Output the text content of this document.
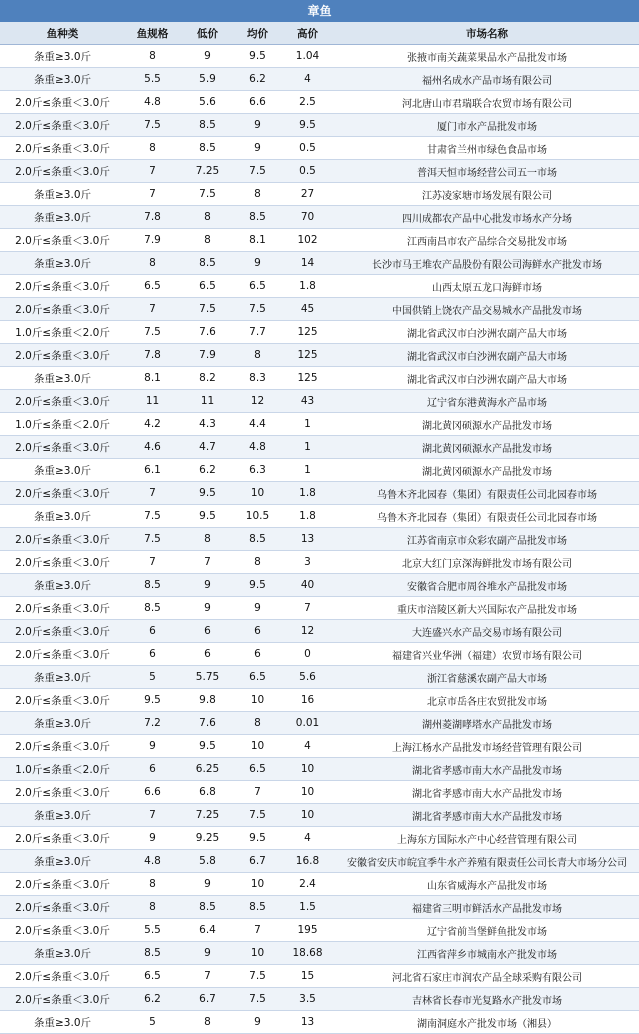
章鱼
鱼种类	鱼规格	低价	均价	高价	市场名称
条重≥3.0斤	8	9	9.5	1.04	张掖市南关蔬菜果品水产品批发市场
条重≥3.0斤	5.5	5.9	6.2	4	福州名成水产品市场有限公司
2.0斤≤条重＜3.0斤	4.8	5.6	6.6	2.5	河北唐山市君瑞联合农贸市场有限公司
2.0斤≤条重＜3.0斤	7.5	8.5	9	9.5	厦门市水产品批发市场
2.0斤≤条重＜3.0斤	8	8.5	9	0.5	甘肃省兰州市绿色食品市场
2.0斤≤条重＜3.0斤	7	7.25	7.5	0.5	普洱天恒市场经营公司五一市场
条重≥3.0斤	7	7.5	8	27	江苏凌家塘市场发展有限公司
条重≥3.0斤	7.8	8	8.5	70	四川成都农产品中心批发市场水产分场
2.0斤≤条重＜3.0斤	7.9	8	8.1	102	江西南昌市农产品综合交易批发市场
条重≥3.0斤	8	8.5	9	14	长沙市马王堆农产品股份有限公司海鲜水产批发市场
2.0斤≤条重＜3.0斤	6.5	6.5	6.5	1.8	山西太原五龙口海鲜市场
2.0斤≤条重＜3.0斤	7	7.5	7.5	45	中国供销上饶农产品交易城水产品批发市场
1.0斤≤条重＜2.0斤	7.5	7.6	7.7	125	湖北省武汉市白沙洲农副产品大市场
2.0斤≤条重＜3.0斤	7.8	7.9	8	125	湖北省武汉市白沙洲农副产品大市场
条重≥3.0斤	8.1	8.2	8.3	125	湖北省武汉市白沙洲农副产品大市场
2.0斤≤条重＜3.0斤	11	11	12	43	辽宁省东港黄海水产品市场
1.0斤≤条重＜2.0斤	4.2	4.3	4.4	1	湖北黄冈硕源水产品批发市场
2.0斤≤条重＜3.0斤	4.6	4.7	4.8	1	湖北黄冈硕源水产品批发市场
条重≥3.0斤	6.1	6.2	6.3	1	湖北黄冈硕源水产品批发市场
2.0斤≤条重＜3.0斤	7	9.5	10	1.8	乌鲁木齐北园春（集团）有限责任公司北园春市场
条重≥3.0斤	7.5	9.5	10.5	1.8	乌鲁木齐北园春（集团）有限责任公司北园春市场
2.0斤≤条重＜3.0斤	7.5	8	8.5	13	江苏省南京市众彩农副产品批发市场
2.0斤≤条重＜3.0斤	7	7	8	3	北京大红门京深海鲜批发市场有限公司
条重≥3.0斤	8.5	9	9.5	40	安徽省合肥市周谷堆水产品批发市场
2.0斤≤条重＜3.0斤	8.5	9	9	7	重庆市涪陵区新大兴国际农产品批发市场
2.0斤≤条重＜3.0斤	6	6	6	12	大连盛兴水产品交易市场有限公司
2.0斤≤条重＜3.0斤	6	6	6	0	福建省兴业华洲（福建）农贸市场有限公司
条重≥3.0斤	5	5.75	6.5	5.6	浙江省慈溪农副产品大市场
2.0斤≤条重＜3.0斤	9.5	9.8	10	16	北京市岳各庄农贸批发市场
条重≥3.0斤	7.2	7.6	8	0.01	湖州菱湖哮塔水产品批发市场
2.0斤≤条重＜3.0斤	9	9.5	10	4	上海江杨水产品批发市场经营管理有限公司
1.0斤≤条重＜2.0斤	6	6.25	6.5	10	湖北省孝感市南大水产品批发市场
2.0斤≤条重＜3.0斤	6.6	6.8	7	10	湖北省孝感市南大水产品批发市场
条重≥3.0斤	7	7.25	7.5	10	湖北省孝感市南大水产品批发市场
2.0斤≤条重＜3.0斤	9	9.25	9.5	4	上海东方国际水产中心经营管理有限公司
条重≥3.0斤	4.8	5.8	6.7	16.8	安徽省安庆市皖宜季牛水产养殖有限责任公司长青大市场分公司
2.0斤≤条重＜3.0斤	8	9	10	2.4	山东省威海水产品批发市场
2.0斤≤条重＜3.0斤	8	8.5	8.5	1.5	福建省三明市鲜活水产品批发市场
2.0斤≤条重＜3.0斤	5.5	6.4	7	195	辽宁省前当堡鲜鱼批发市场
条重≥3.0斤	8.5	9	10	18.68	江西省萍乡市城南水产批发市场
2.0斤≤条重＜3.0斤	6.5	7	7.5	15	河北省石家庄市润农产品全球采购有限公司
2.0斤≤条重＜3.0斤	6.2	6.7	7.5	3.5	吉林省长春市光复路水产批发市场
条重≥3.0斤	5	8	9	13	湖南洞庭水产批发市场（湘县）
